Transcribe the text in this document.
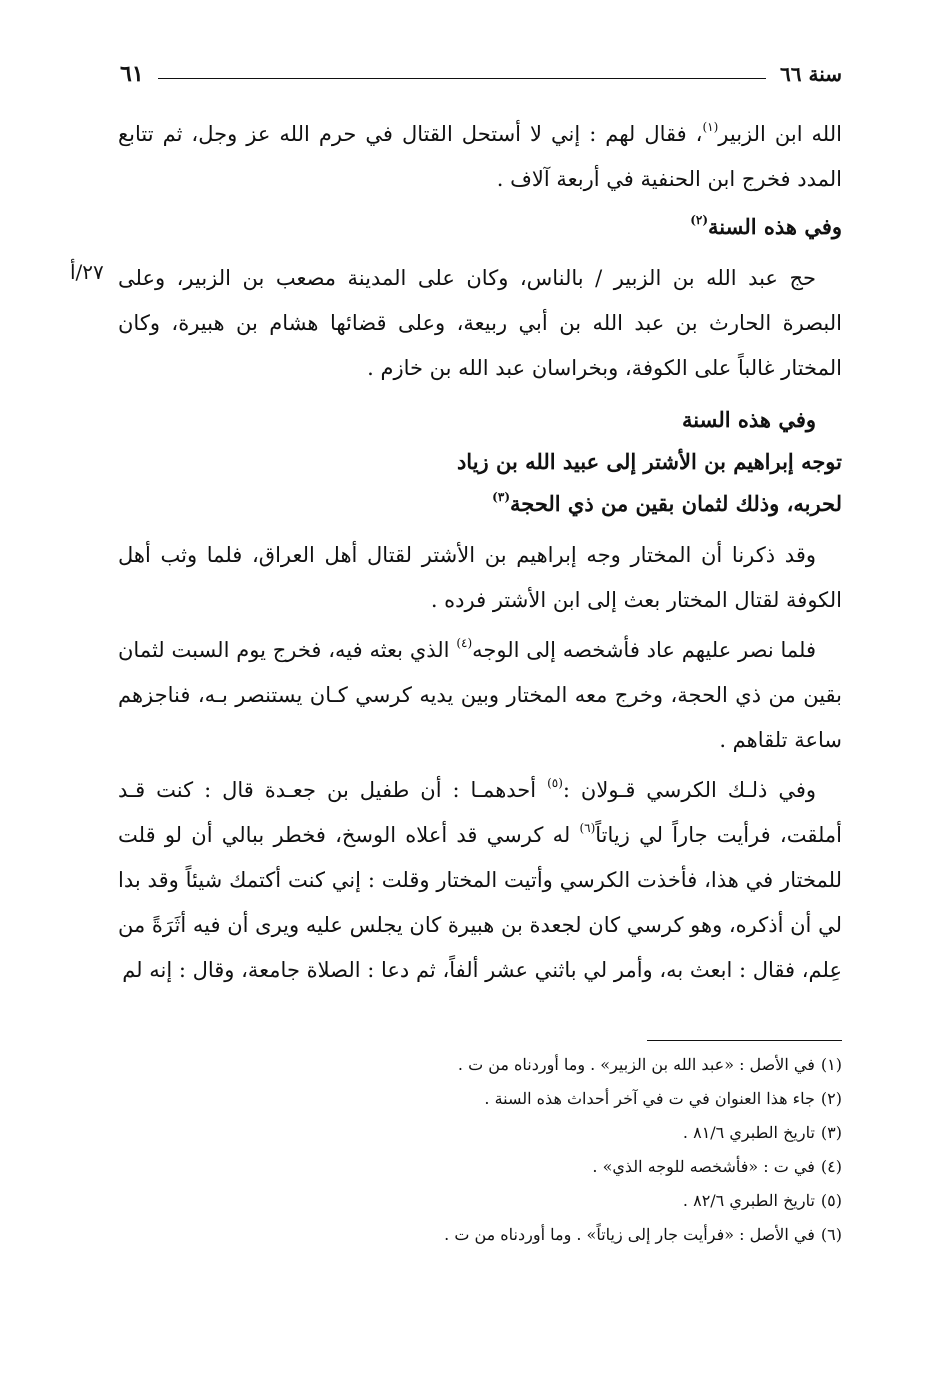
سنة ٦٦
٦١

الله ابن الزبير$^{(١)}$، فقال لهم : إني لا أستحل القتال في حرم الله عز وجل، ثم تتابع المدد فخرج ابن الحنفية في أربعة آلاف .

وفي هذه السنة$^{(٢)}$

٢٧/أ حج عبد الله بن الزبير / بالناس، وكان على المدينة مصعب بن الزبير، وعلى البصرة الحارث بن عبد الله بن أبي ربيعة، وعلى قضائها هشام بن هبيرة، وكان المختار غالباً على الكوفة، وبخراسان عبد الله بن خازم .

وفي هذه السنة

توجه إبراهيم بن الأشتر إلى عبيد الله بن زياد

لحربه، وذلك لثمان بقين من ذي الحجة$^{(٣)}$

وقد ذكرنا أن المختار وجه إبراهيم بن الأشتر لقتال أهل العراق، فلما وثب أهل الكوفة لقتال المختار بعث إلى ابن الأشتر فرده .

فلما نصر عليهم عاد فأشخصه إلى الوجه$^{(٤)}$ الذي بعثه فيه، فخرج يوم السبت لثمان بقين من ذي الحجة، وخرج معه المختار وبين يديه كرسي كـان يستنصر بـه، فناجزهم ساعة تلقاهم .

وفي ذلـك الكرسي قـولان :$^{(٥)}$ أحدهمـا : أن طفيل بن جعـدة قال : كنت قـد أملقت، فرأيت جاراً لي زياتاً$^{(٦)}$ له كرسي قد أعلاه الوسخ، فخطر ببالي أن لو قلت للمختار في هذا، فأخذت الكرسي وأتيت المختار وقلت : إني كنت أكتمك شيئاً وقد بدا لي أن أذكره، وهو كرسي كان لجعدة بن هبيرة كان يجلس عليه ويرى أن فيه أثَرَةً من عِلم، فقال : ابعث به، وأمر لي باثني عشر ألفاً، ثم دعا : الصلاة جامعة، وقال : إنه لم

(١)في الأصل : «عبد الله بن الزبير» . وما أوردناه من ت .

(٢)جاء هذا العنوان في ت في آخر أحداث هذه السنة .

(٣)تاريخ الطبري ٨١/٦ .

(٤)في ت : «فأشخصه للوجه الذي» .

(٥)تاريخ الطبري ٨٢/٦ .

(٦)في الأصل : «فرأيت جار إلى زياتاً» . وما أوردناه من ت .
